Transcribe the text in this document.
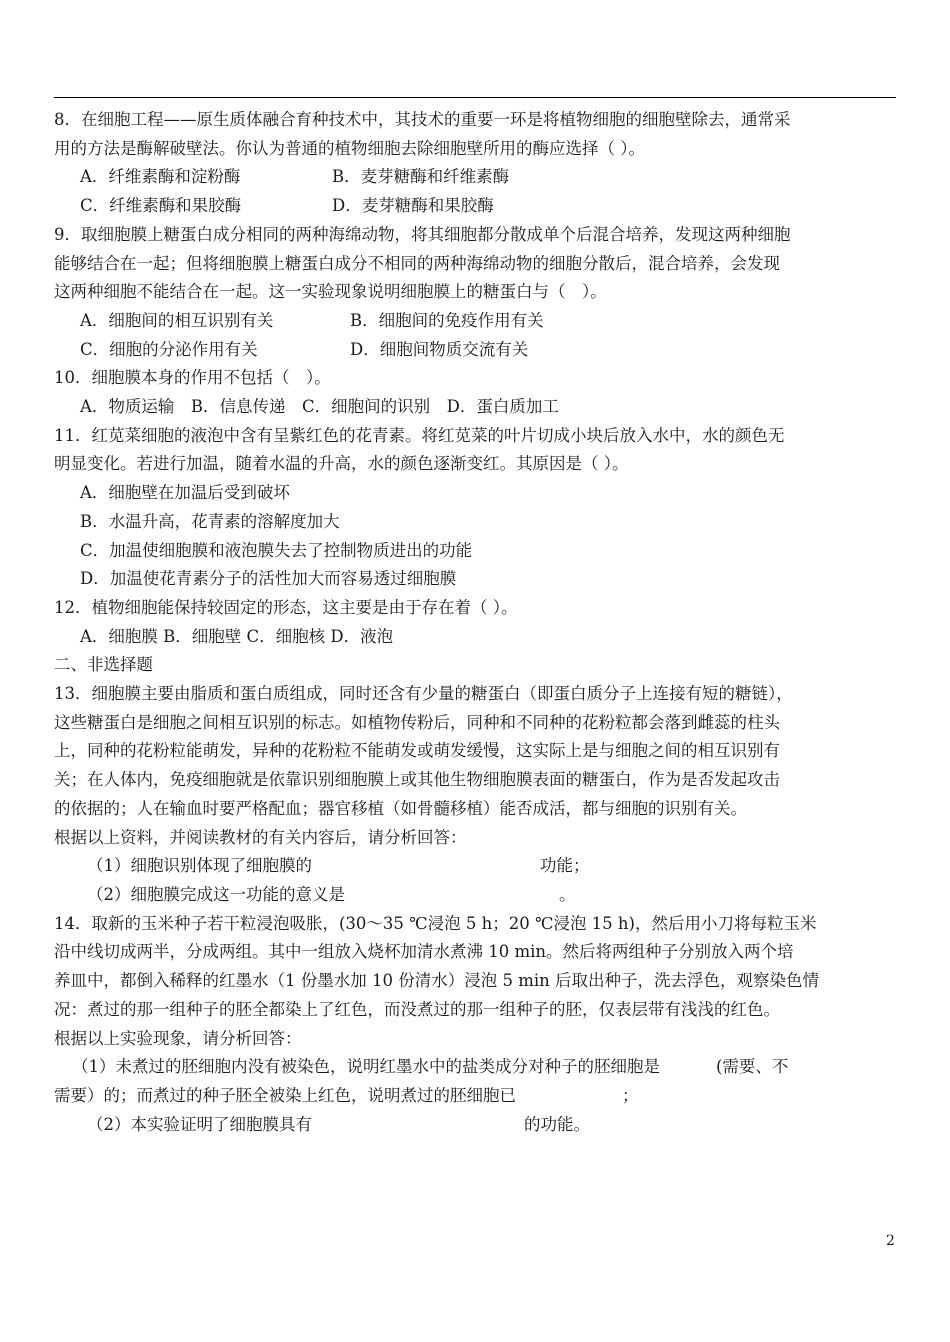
8．在细胞工程——原生质体融合育种技术中，其技术的重要一环是将植物细胞的细胞壁除去，通常采

用的方法是酶解破壁法。你认为普通的植物细胞去除细胞壁所用的酶应选择（ ）。

A．纤维素酶和淀粉酶	B．麦芽糖酶和纤维素酶

C．纤维素酶和果胶酶	D．麦芽糖酶和果胶酶

9．取细胞膜上糖蛋白成分相同的两种海绵动物，将其细胞都分散成单个后混合培养，发现这两种细胞

能够结合在一起；但将细胞膜上糖蛋白成分不相同的两种海绵动物的细胞分散后，混合培养，会发现

这两种细胞不能结合在一起。这一实验现象说明细胞膜上的糖蛋白与（　）。

A．细胞间的相互识别有关	B．细胞间的免疫作用有关

C．细胞的分泌作用有关	D．细胞间物质交流有关

10．细胞膜本身的作用不包括（　）。

A．物质运输　B．信息传递　C．细胞间的识别　D．蛋白质加工

11．红苋菜细胞的液泡中含有呈紫红色的花青素。将红苋菜的叶片切成小块后放入水中，水的颜色无

明显变化。若进行加温，随着水温的升高，水的颜色逐渐变红。其原因是（ ）。

A．细胞壁在加温后受到破坏

B．水温升高，花青素的溶解度加大

C．加温使细胞膜和液泡膜失去了控制物质进出的功能

D．加温使花青素分子的活性加大而容易透过细胞膜

12．植物细胞能保持较固定的形态，这主要是由于存在着（ ）。

A．细胞膜 B．细胞壁 C．细胞核 D．液泡

二、非选择题

13．细胞膜主要由脂质和蛋白质组成，同时还含有少量的糖蛋白（即蛋白质分子上连接有短的糖链），

这些糖蛋白是细胞之间相互识别的标志。如植物传粉后，同种和不同种的花粉粒都会落到雌蕊的柱头

上，同种的花粉粒能萌发，异种的花粉粒不能萌发或萌发缓慢，这实际上是与细胞之间的相互识别有

关；在人体内，免疫细胞就是依靠识别细胞膜上或其他生物细胞膜表面的糖蛋白，作为是否发起攻击

的依据的；人在输血时要严格配血；器官移植（如骨髓移植）能否成活，都与细胞的识别有关。

根据以上资料，并阅读教材的有关内容后，请分析回答：

（1）细胞识别体现了细胞膜的	功能；

（2）细胞膜完成这一功能的意义是	。

14．取新的玉米种子若干粒浸泡吸胀，(30～35 ℃浸泡 5 h；20 ℃浸泡 15 h)，然后用小刀将每粒玉米

沿中线切成两半，分成两组。其中一组放入烧杯加清水煮沸 10 min。然后将两组种子分别放入两个培

养皿中，都倒入稀释的红墨水（1 份墨水加 10 份清水）浸泡 5 min 后取出种子，洗去浮色，观察染色情

况：煮过的那一组种子的胚全都染上了红色，而没煮过的那一组种子的胚，仅表层带有浅浅的红色。

根据以上实验现象，请分析回答：

（1）未煮过的胚细胞内没有被染色，说明红墨水中的盐类成分对种子的胚细胞是	(需要、不

需要）的；而煮过的种子胚全被染上红色，说明煮过的胚细胞已	；

（2）本实验证明了细胞膜具有	的功能。

2
